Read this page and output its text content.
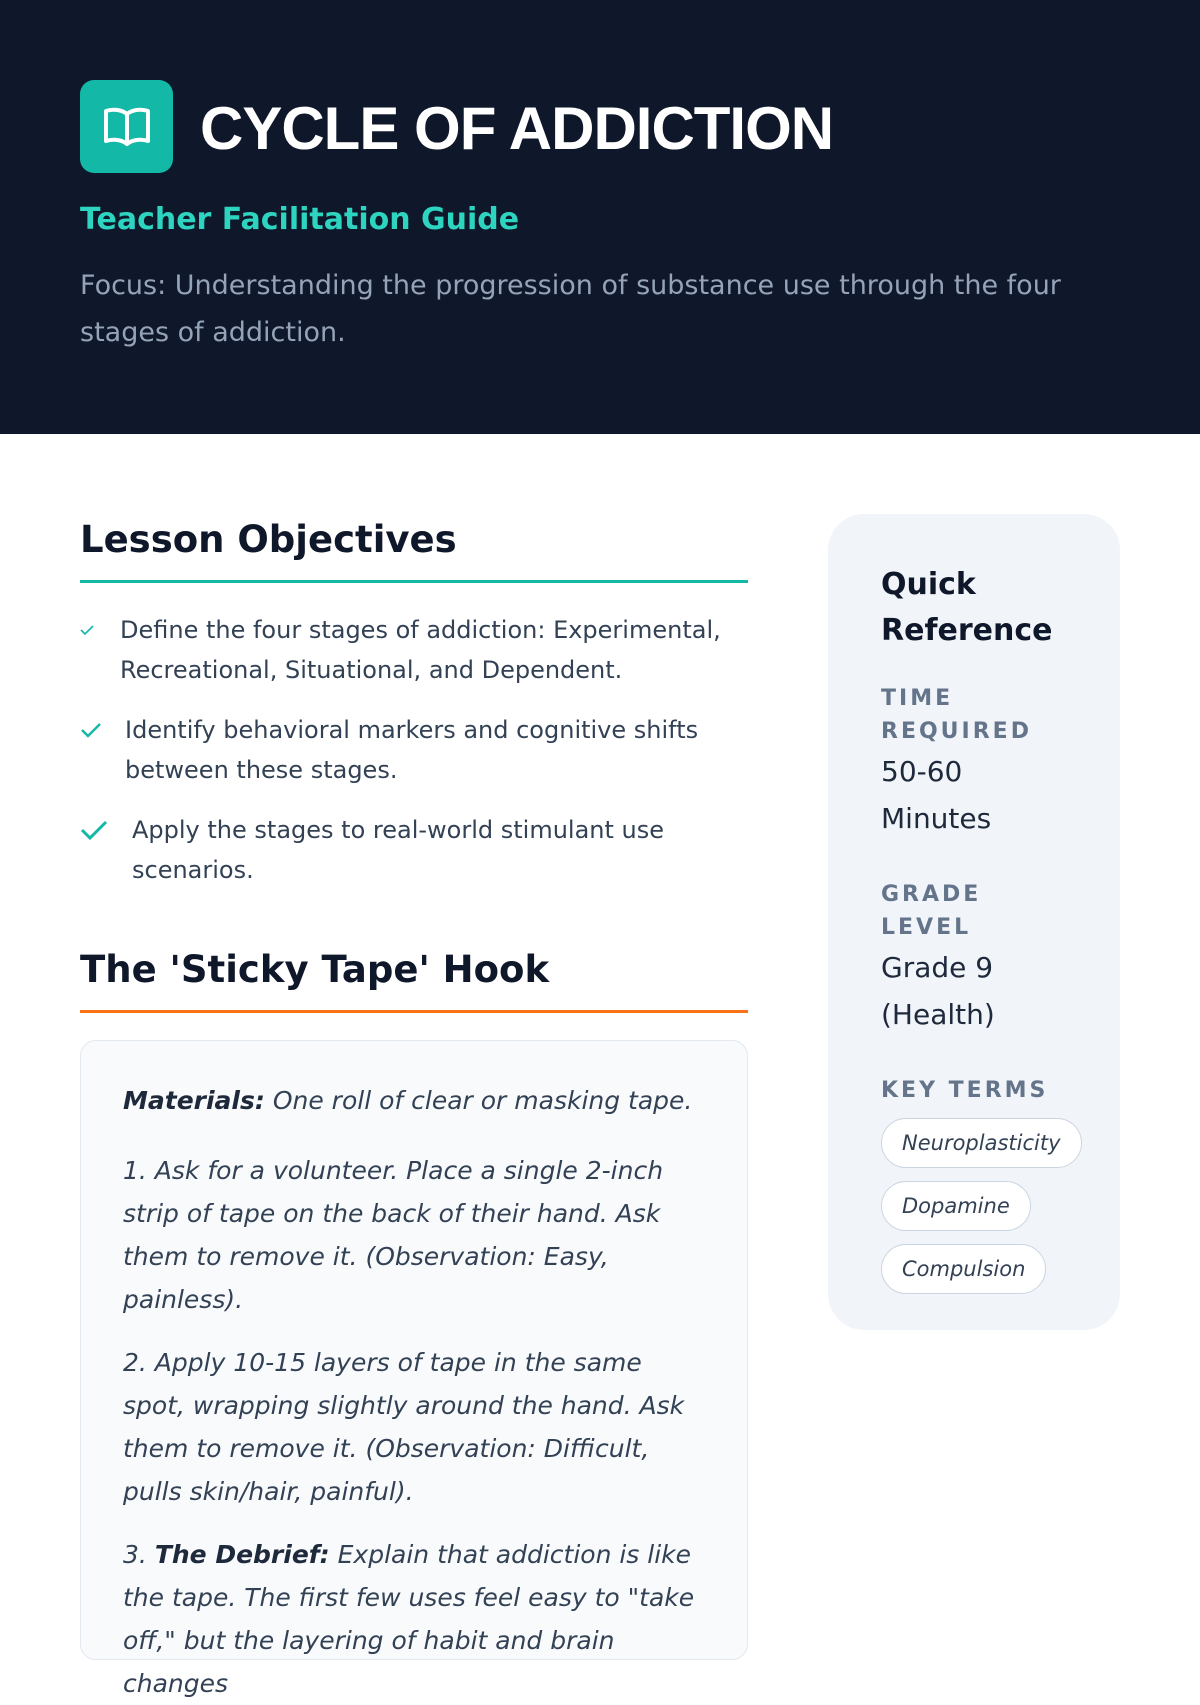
CYCLE OF ADDICTION
Teacher Facilitation Guide
Focus: Understanding the progression of substance use through the four stages of addiction.
Lesson Objectives
Define the four stages of addiction: Experimental, Recreational, Situational, and Dependent.
Identify behavioral markers and cognitive shifts between these stages.
Apply the stages to real-world stimulant use scenarios.
The 'Sticky Tape' Hook

Materials: One roll of clear or masking tape.

1. Ask for a volunteer. Place a single 2-inch strip of tape on the back of their hand. Ask them to remove it. (Observation: Easy, painless).

2. Apply 10-15 layers of tape in the same spot, wrapping slightly around the hand. Ask them to remove it. (Observation: Difficult, pulls skin/hair, painful).

3. The Debrief: Explain that addiction is like the tape. The first few uses feel easy to "take off," but the layering of habit and brain changes

Quick Reference
TIME REQUIRED
50-60 Minutes
GRADE LEVEL
Grade 9 (Health)
KEY TERMS
Neuroplasticity
Dopamine
Compulsion
